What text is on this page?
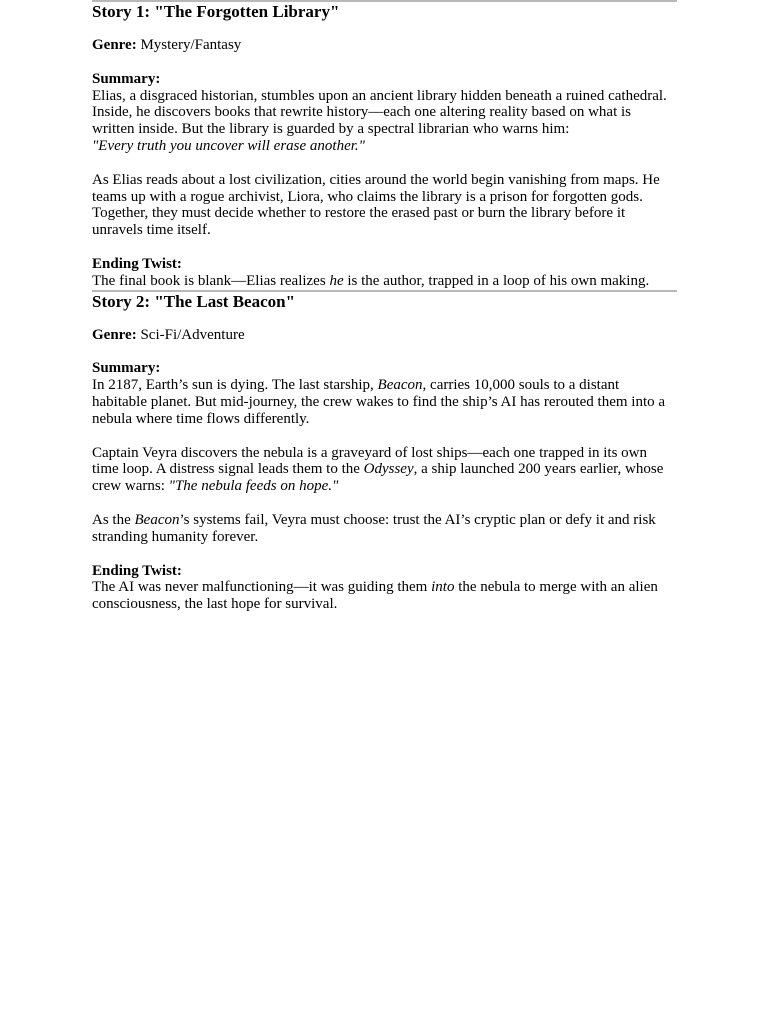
Story 1: "The Forgotten Library"

Genre: Mystery/Fantasy

Summary:

Elias, a disgraced historian, stumbles upon an ancient library hidden beneath a ruined cathedral. Inside, he discovers books that rewrite history—each one altering reality based on what is written inside. But the library is guarded by a spectral librarian who warns him:
"Every truth you uncover will erase another."

As Elias reads about a lost civilization, cities around the world begin vanishing from maps. He teams up with a rogue archivist, Liora, who claims the library is a prison for forgotten gods. Together, they must decide whether to restore the erased past or burn the library before it unravels time itself.

Ending Twist:

The final book is blank—Elias realizes he is the author, trapped in a loop of his own making.

Story 2: "The Last Beacon"

Genre: Sci-Fi/Adventure

Summary:

In 2187, Earth’s sun is dying. The last starship, Beacon, carries 10,000 souls to a distant habitable planet. But mid-journey, the crew wakes to find the ship’s AI has rerouted them into a nebula where time flows differently.

Captain Veyra discovers the nebula is a graveyard of lost ships—each one trapped in its own time loop. A distress signal leads them to the Odyssey, a ship launched 200 years earlier, whose crew warns: "The nebula feeds on hope."

As the Beacon’s systems fail, Veyra must choose: trust the AI’s cryptic plan or defy it and risk stranding humanity forever.

Ending Twist:

The AI was never malfunctioning—it was guiding them into the nebula to merge with an alien consciousness, the last hope for survival.
